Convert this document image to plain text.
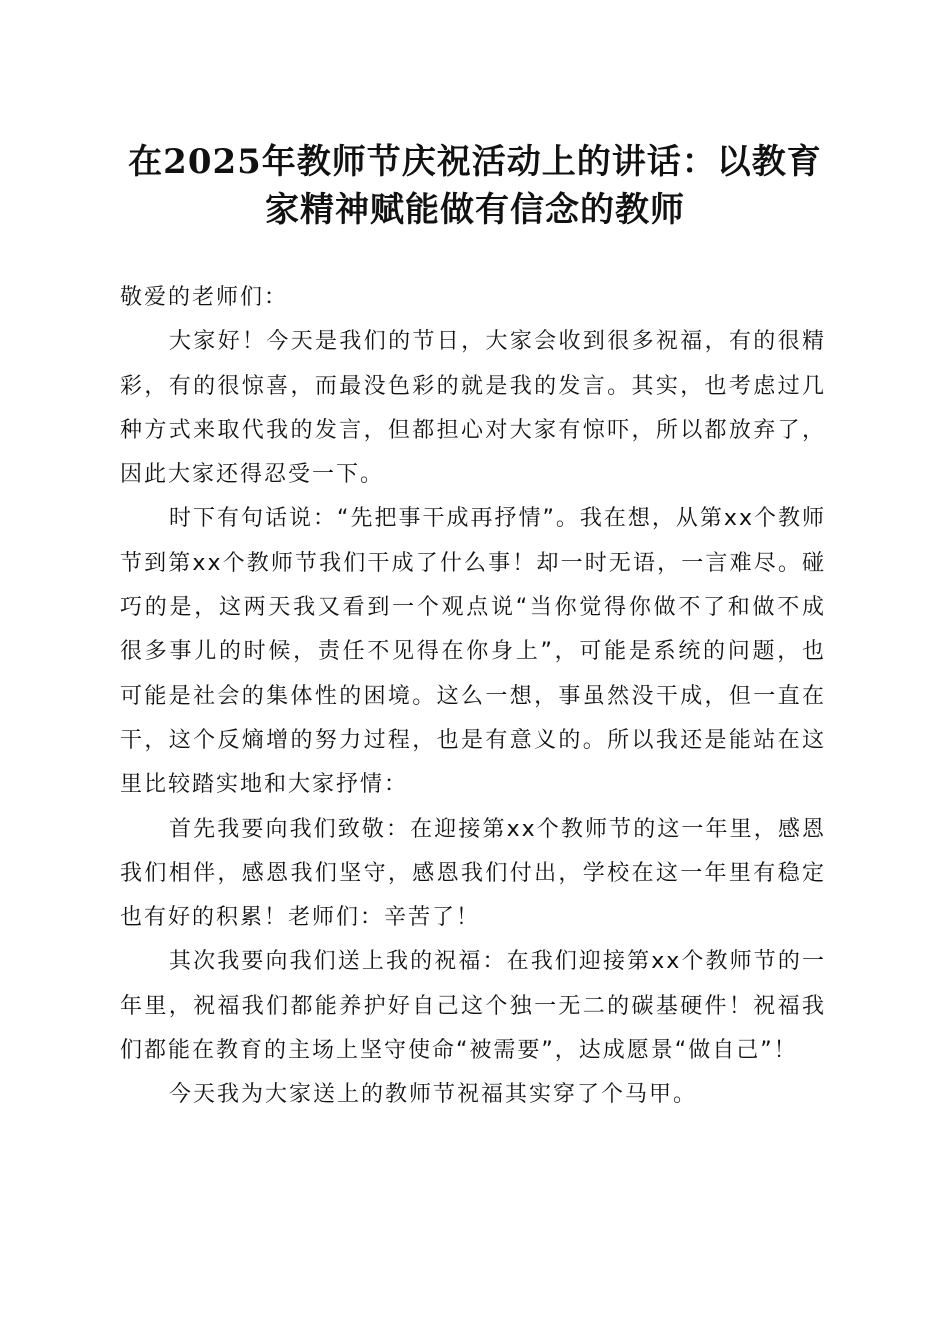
在2025年教师节庆祝活动上的讲话：以教育
家精神赋能做有信念的教师

敬爱的老师们：

大家好！今天是我们的节日，大家会收到很多祝福，有的很精彩，有的很惊喜，而最没色彩的就是我的发言。其实，也考虑过几种方式来取代我的发言，但都担心对大家有惊吓，所以都放弃了，因此大家还得忍受一下。

时下有句话说：“先把事干成再抒情”。我在想，从第xx个教师节到第xx个教师节我们干成了什么事！却一时无语，一言难尽。碰巧的是，这两天我又看到一个观点说“当你觉得你做不了和做不成很多事儿的时候，责任不见得在你身上”，可能是系统的问题，也可能是社会的集体性的困境。这么一想，事虽然没干成，但一直在干，这个反熵增的努力过程，也是有意义的。所以我还是能站在这里比较踏实地和大家抒情：

首先我要向我们致敬：在迎接第xx个教师节的这一年里，感恩我们相伴，感恩我们坚守，感恩我们付出，学校在这一年里有稳定也有好的积累！老师们：辛苦了！

其次我要向我们送上我的祝福：在我们迎接第xx个教师节的一年里，祝福我们都能养护好自己这个独一无二的碳基硬件！祝福我们都能在教育的主场上坚守使命“被需要”，达成愿景“做自己”！

今天我为大家送上的教师节祝福其实穿了个马甲。
